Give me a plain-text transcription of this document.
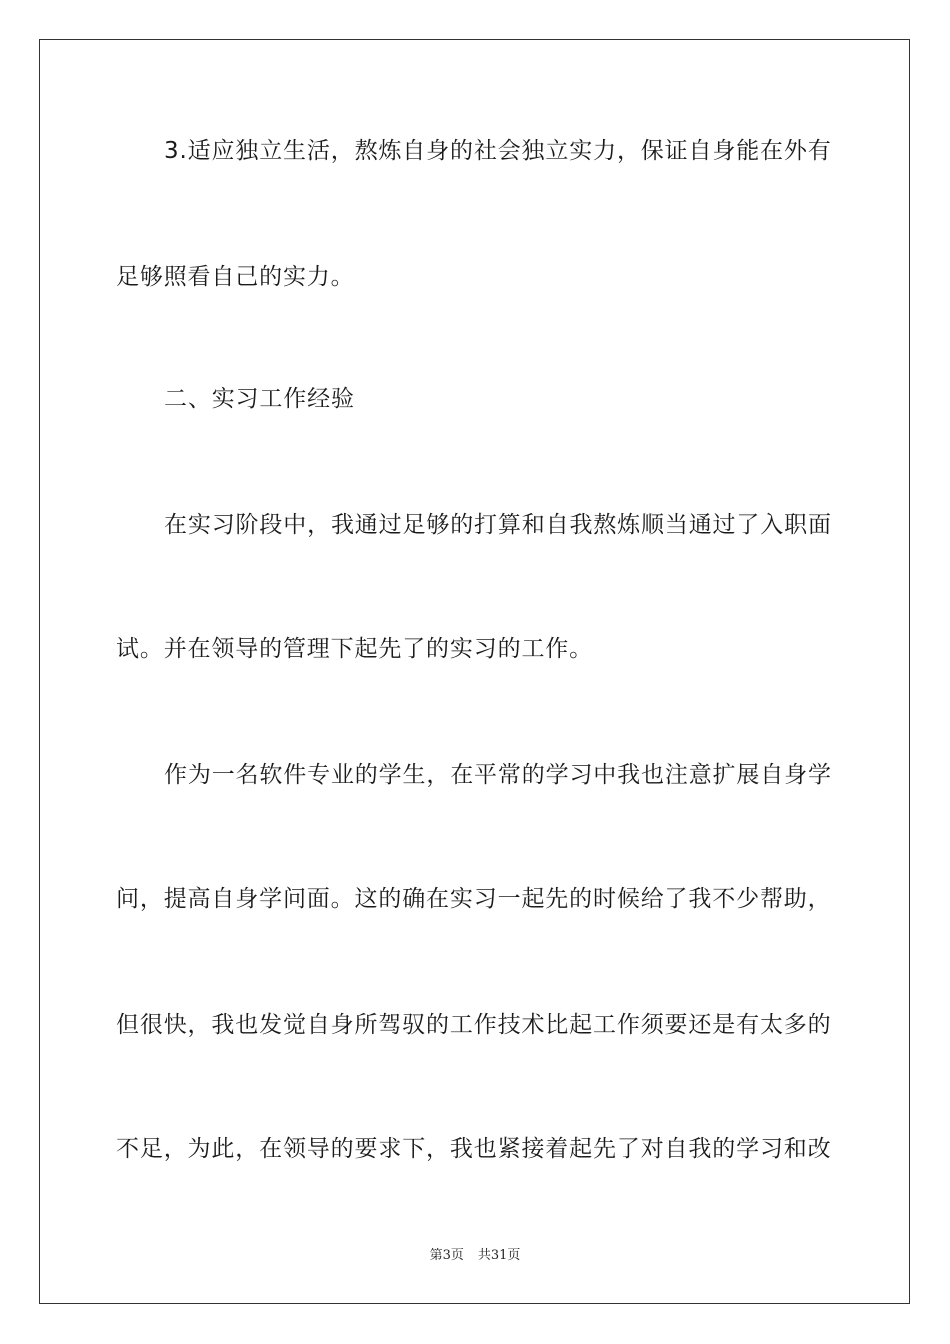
3.适应独立生活，熬炼自身的社会独立实力，保证自身能在外有
足够照看自己的实力。
二、实习工作经验
在实习阶段中，我通过足够的打算和自我熬炼顺当通过了入职面
试。并在领导的管理下起先了的实习的工作。
作为一名软件专业的学生，在平常的学习中我也注意扩展自身学
问，提高自身学问面。这的确在实习一起先的时候给了我不少帮助，
但很快，我也发觉自身所驾驭的工作技术比起工作须要还是有太多的
不足，为此，在领导的要求下，我也紧接着起先了对自我的学习和改
第3页 共31页
